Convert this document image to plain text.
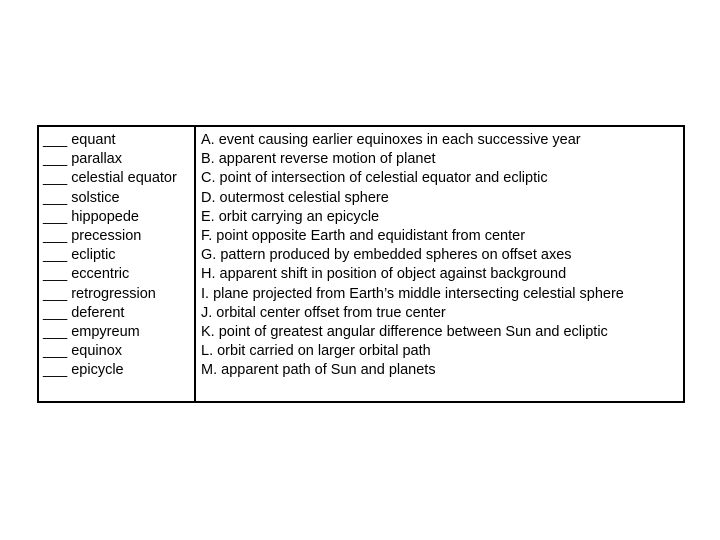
___ equant
___ parallax
___ celestial equator
___ solstice
___ hippopede
___ precession
___ ecliptic
___ eccentric
___ retrogression
___ deferent
___ empyreum
___ equinox
___ epicycle
A. event causing earlier equinoxes in each successive year
B. apparent reverse motion of planet
C. point of intersection of celestial equator and ecliptic
D. outermost celestial sphere
E. orbit carrying an epicycle
F. point opposite Earth and equidistant from center
G. pattern produced by embedded spheres on offset axes
H. apparent shift in position of object against background
I. plane projected from Earth’s middle intersecting celestial sphere
J. orbital center offset from true center
K. point of greatest angular difference between Sun and ecliptic
L. orbit carried on larger orbital path
M. apparent path of Sun and planets
